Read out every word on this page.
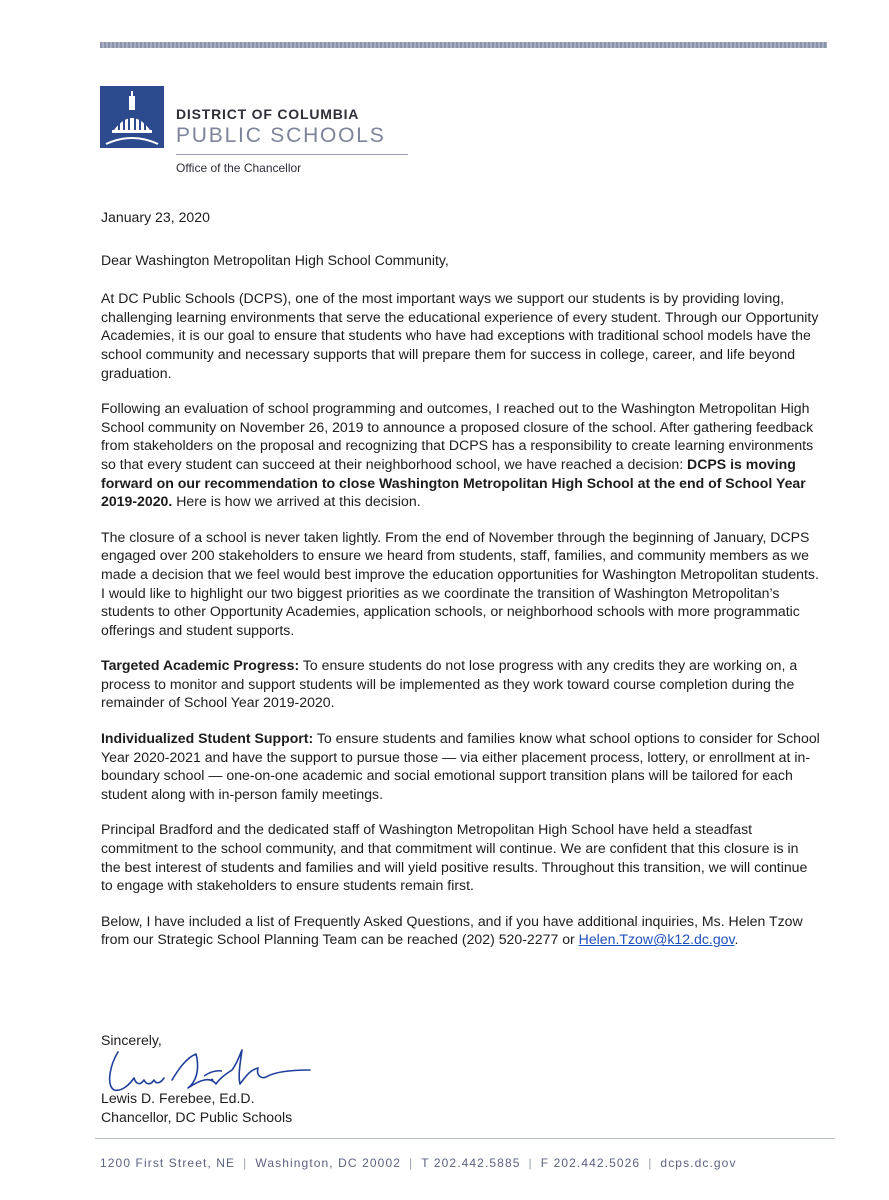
DISTRICT OF COLUMBIA
PUBLIC SCHOOLS
Office of the Chancellor

January 23, 2020

Dear Washington Metropolitan High School Community,

At DC Public Schools (DCPS), one of the most important ways we support our students is by providing loving, challenging learning environments that serve the educational experience of every student. Through our Opportunity Academies, it is our goal to ensure that students who have had exceptions with traditional school models have the school community and necessary supports that will prepare them for success in college, career, and life beyond graduation.

Following an evaluation of school programming and outcomes, I reached out to the Washington Metropolitan High School community on November 26, 2019 to announce a proposed closure of the school. After gathering feedback from stakeholders on the proposal and recognizing that DCPS has a responsibility to create learning environments so that every student can succeed at their neighborhood school, we have reached a decision: DCPS is moving forward on our recommendation to close Washington Metropolitan High School at the end of School Year 2019-2020. Here is how we arrived at this decision.

The closure of a school is never taken lightly. From the end of November through the beginning of January, DCPS engaged over 200 stakeholders to ensure we heard from students, staff, families, and community members as we made a decision that we feel would best improve the education opportunities for Washington Metropolitan students. I would like to highlight our two biggest priorities as we coordinate the transition of Washington Metropolitan’s students to other Opportunity Academies, application schools, or neighborhood schools with more programmatic offerings and student supports.

Targeted Academic Progress: To ensure students do not lose progress with any credits they are working on, a process to monitor and support students will be implemented as they work toward course completion during the remainder of School Year 2019-2020.

Individualized Student Support: To ensure students and families know what school options to consider for School Year 2020-2021 and have the support to pursue those — via either placement process, lottery, or enrollment at in-boundary school — one-on-one academic and social emotional support transition plans will be tailored for each student along with in-person family meetings.

Principal Bradford and the dedicated staff of Washington Metropolitan High School have held a steadfast commitment to the school community, and that commitment will continue. We are confident that this closure is in the best interest of students and families and will yield positive results. Throughout this transition, we will continue to engage with stakeholders to ensure students remain first.

Below, I have included a list of Frequently Asked Questions, and if you have additional inquiries, Ms. Helen Tzow from our Strategic School Planning Team can be reached (202) 520-2277 or Helen.Tzow@k12.dc.gov.

Sincerely,
Lewis D. Ferebee, Ed.D.
Chancellor, DC Public Schools
1200 First Street, NE | Washington, DC 20002 | T 202.442.5885 | F 202.442.5026 | dcps.dc.gov
